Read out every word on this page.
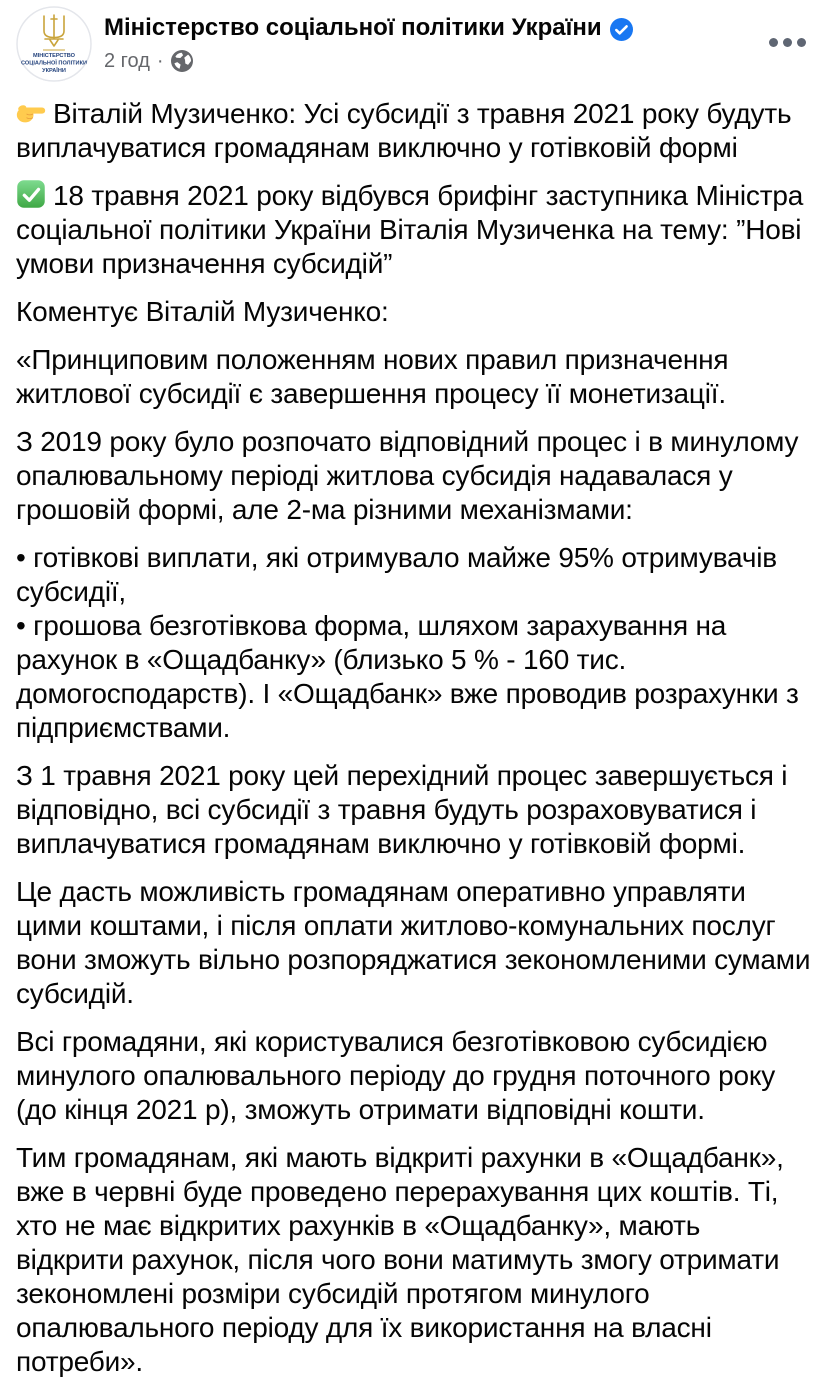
МІНІСТЕРСТВО
СОЦІАЛЬНОЇ ПОЛІТИКИ
УКРАЇНИ
Міністерство соціальної політики України
2 год ·
Віталій Музиченко: Усі субсидії з травня 2021 року будуть виплачуватися громадянам виключно у готівковій формі
18 травня 2021 року відбувся брифінг заступника Міністра соціальної політики України Віталія Музиченка на тему: ”Нові умови призначення субсидій”
Коментує Віталій Музиченко:
«Принциповим положенням нових правил призначення житлової субсидії є завершення процесу її монетизації.
З 2019 року було розпочато відповідний процес і в минулому опалювальному періоді житлова субсидія надавалася у грошовій формі, але 2-ма різними механізмами:
• готівкові виплати, які отримувало майже 95% отримувачів субсидії,
• грошова безготівкова форма, шляхом зарахування на рахунок в «Ощадбанку» (близько 5 % - 160 тис. домогосподарств). І «Ощадбанк» вже проводив розрахунки з підприємствами.
З 1 травня 2021 року цей перехідний процес завершується і відповідно, всі субсидії з травня будуть розраховуватися і виплачуватися громадянам виключно у готівковій формі.
Це дасть можливість громадянам оперативно управляти цими коштами, і після оплати житлово-комунальних послуг вони зможуть вільно розпоряджатися зекономленими сумами субсидій.
Всі громадяни, які користувалися безготівковою субсидією минулого опалювального періоду до грудня поточного року (до кінця 2021 р), зможуть отримати відповідні кошти.
Тим громадянам, які мають відкриті рахунки в «Ощадбанк», вже в червні буде проведено перерахування цих коштів. Ті, хто не має відкритих рахунків в «Ощадбанку», мають відкрити рахунок, після чого вони матимуть змогу отримати зекономлені розміри субсидій протягом минулого опалювального періоду для їх використання на власні потреби».
